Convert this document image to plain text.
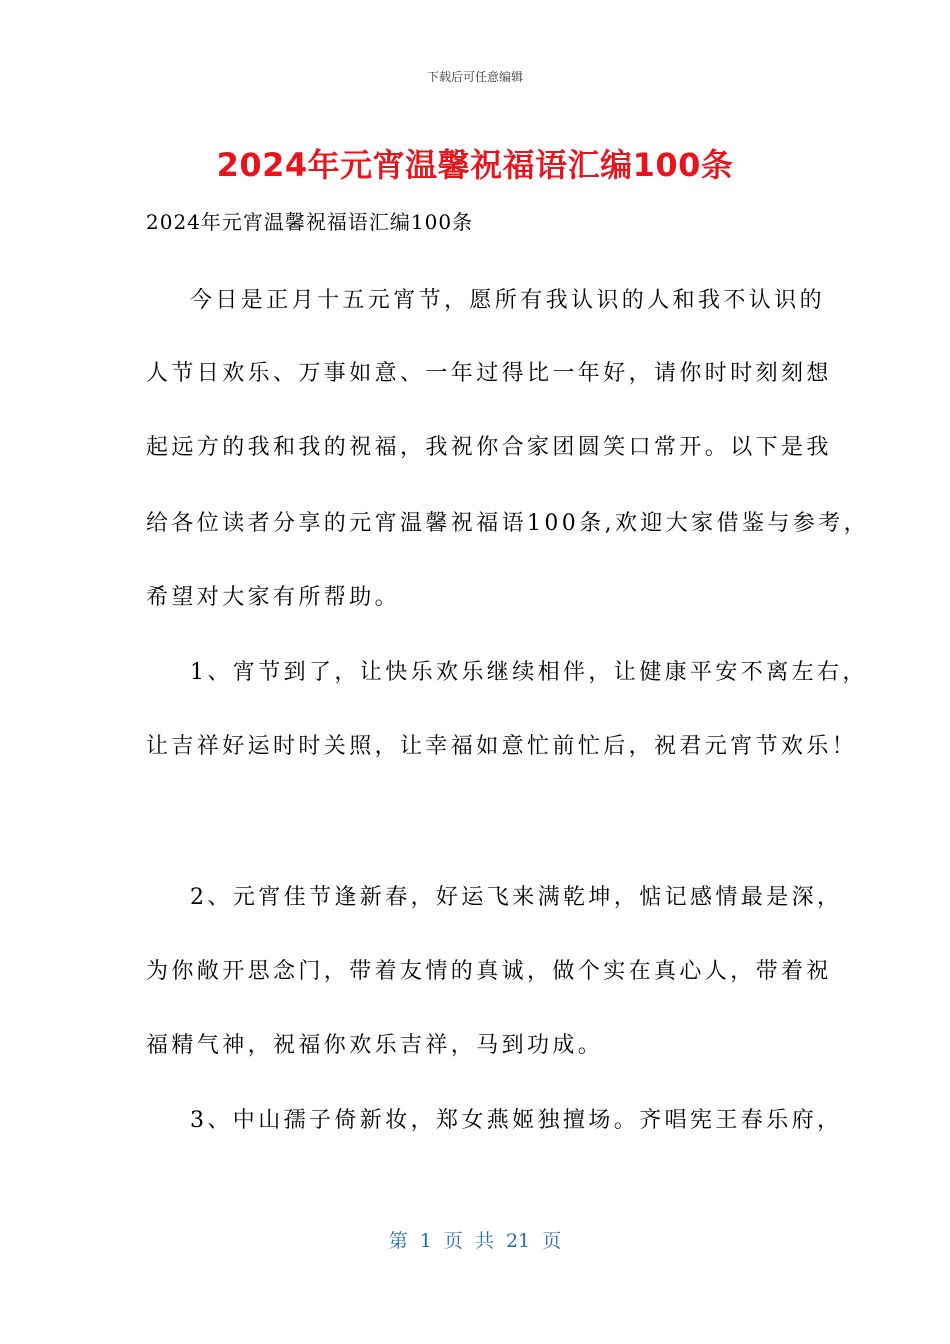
下载后可任意编辑
2024年元宵温馨祝福语汇编100条
2024年元宵温馨祝福语汇编100条
今日是正月十五元宵节，愿所有我认识的人和我不认识的
人节日欢乐、万事如意、一年过得比一年好，请你时时刻刻想
起远方的我和我的祝福，我祝你合家团圆笑口常开。以下是我
给各位读者分享的元宵温馨祝福语100条,欢迎大家借鉴与参考，
希望对大家有所帮助。
1、宵节到了，让快乐欢乐继续相伴，让健康平安不离左右，
让吉祥好运时时关照，让幸福如意忙前忙后，祝君元宵节欢乐！
2、元宵佳节逢新春，好运飞来满乾坤，惦记感情最是深，
为你敞开思念门，带着友情的真诚，做个实在真心人，带着祝
福精气神，祝福你欢乐吉祥，马到功成。
3、中山孺子倚新妆，郑女燕姬独擅场。齐唱宪王春乐府，
第 1 页 共 21 页
